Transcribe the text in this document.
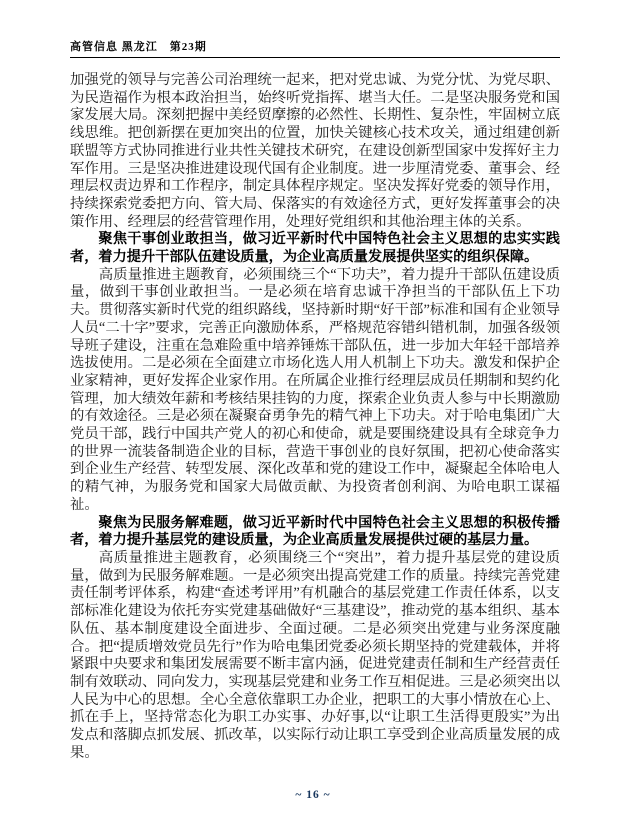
高管信息 黑龙江　第23期

加强党的领导与完善公司治理统一起来，把对党忠诚、为党分忧、为党尽职、为民造福作为根本政治担当，始终听党指挥、堪当大任。二是坚决服务党和国家发展大局。深刻把握中美经贸摩擦的必然性、长期性、复杂性，牢固树立底线思维。把创新摆在更加突出的位置，加快关键核心技术攻关，通过组建创新联盟等方式协同推进行业共性关键技术研究，在建设创新型国家中发挥好主力军作用。三是坚决推进建设现代国有企业制度。进一步厘清党委、董事会、经理层权责边界和工作程序，制定具体程序规定。坚决发挥好党委的领导作用，持续探索党委把方向、管大局、保落实的有效途径方式，更好发挥董事会的决策作用、经理层的经营管理作用，处理好党组织和其他治理主体的关系。

聚焦干事创业敢担当，做习近平新时代中国特色社会主义思想的忠实实践者，着力提升干部队伍建设质量，为企业高质量发展提供坚实的组织保障。

高质量推进主题教育，必须围绕三个“下功夫”，着力提升干部队伍建设质量，做到干事创业敢担当。一是必须在培育忠诚干净担当的干部队伍上下功夫。贯彻落实新时代党的组织路线，坚持新时期“好干部”标准和国有企业领导人员“二十字”要求，完善正向激励体系，严格规范容错纠错机制，加强各级领导班子建设，注重在急难险重中培养锤炼干部队伍，进一步加大年轻干部培养选拔使用。二是必须在全面建立市场化选人用人机制上下功夫。激发和保护企业家精神，更好发挥企业家作用。在所属企业推行经理层成员任期制和契约化管理，加大绩效年薪和考核结果挂钩的力度，探索企业负责人参与中长期激励的有效途径。三是必须在凝聚奋勇争先的精气神上下功夫。对于哈电集团广大党员干部，践行中国共产党人的初心和使命，就是要围绕建设具有全球竞争力的世界一流装备制造企业的目标，营造干事创业的良好氛围，把初心使命落实到企业生产经营、转型发展、深化改革和党的建设工作中，凝聚起全体哈电人的精气神，为服务党和国家大局做贡献、为投资者创利润、为哈电职工谋福祉。

聚焦为民服务解难题，做习近平新时代中国特色社会主义思想的积极传播者，着力提升基层党的建设质量，为企业高质量发展提供过硬的基层力量。

高质量推进主题教育，必须围绕三个“突出”，着力提升基层党的建设质量，做到为民服务解难题。一是必须突出提高党建工作的质量。持续完善党建责任制考评体系，构建“查述考评用”有机融合的基层党建工作责任体系，以支部标准化建设为依托夯实党建基础做好“三基建设”，推动党的基本组织、基本队伍、基本制度建设全面进步、全面过硬。二是必须突出党建与业务深度融合。把“提质增效党员先行”作为哈电集团党委必须长期坚持的党建载体，并将紧跟中央要求和集团发展需要不断丰富内涵，促进党建责任制和生产经营责任制有效联动、同向发力，实现基层党建和业务工作互相促进。三是必须突出以人民为中心的思想。全心全意依靠职工办企业，把职工的大事小情放在心上、抓在手上，坚持常态化为职工办实事、办好事,以“让职工生活得更殷实”为出发点和落脚点抓发展、抓改革，以实际行动让职工享受到企业高质量发展的成果。

~ 16 ~
